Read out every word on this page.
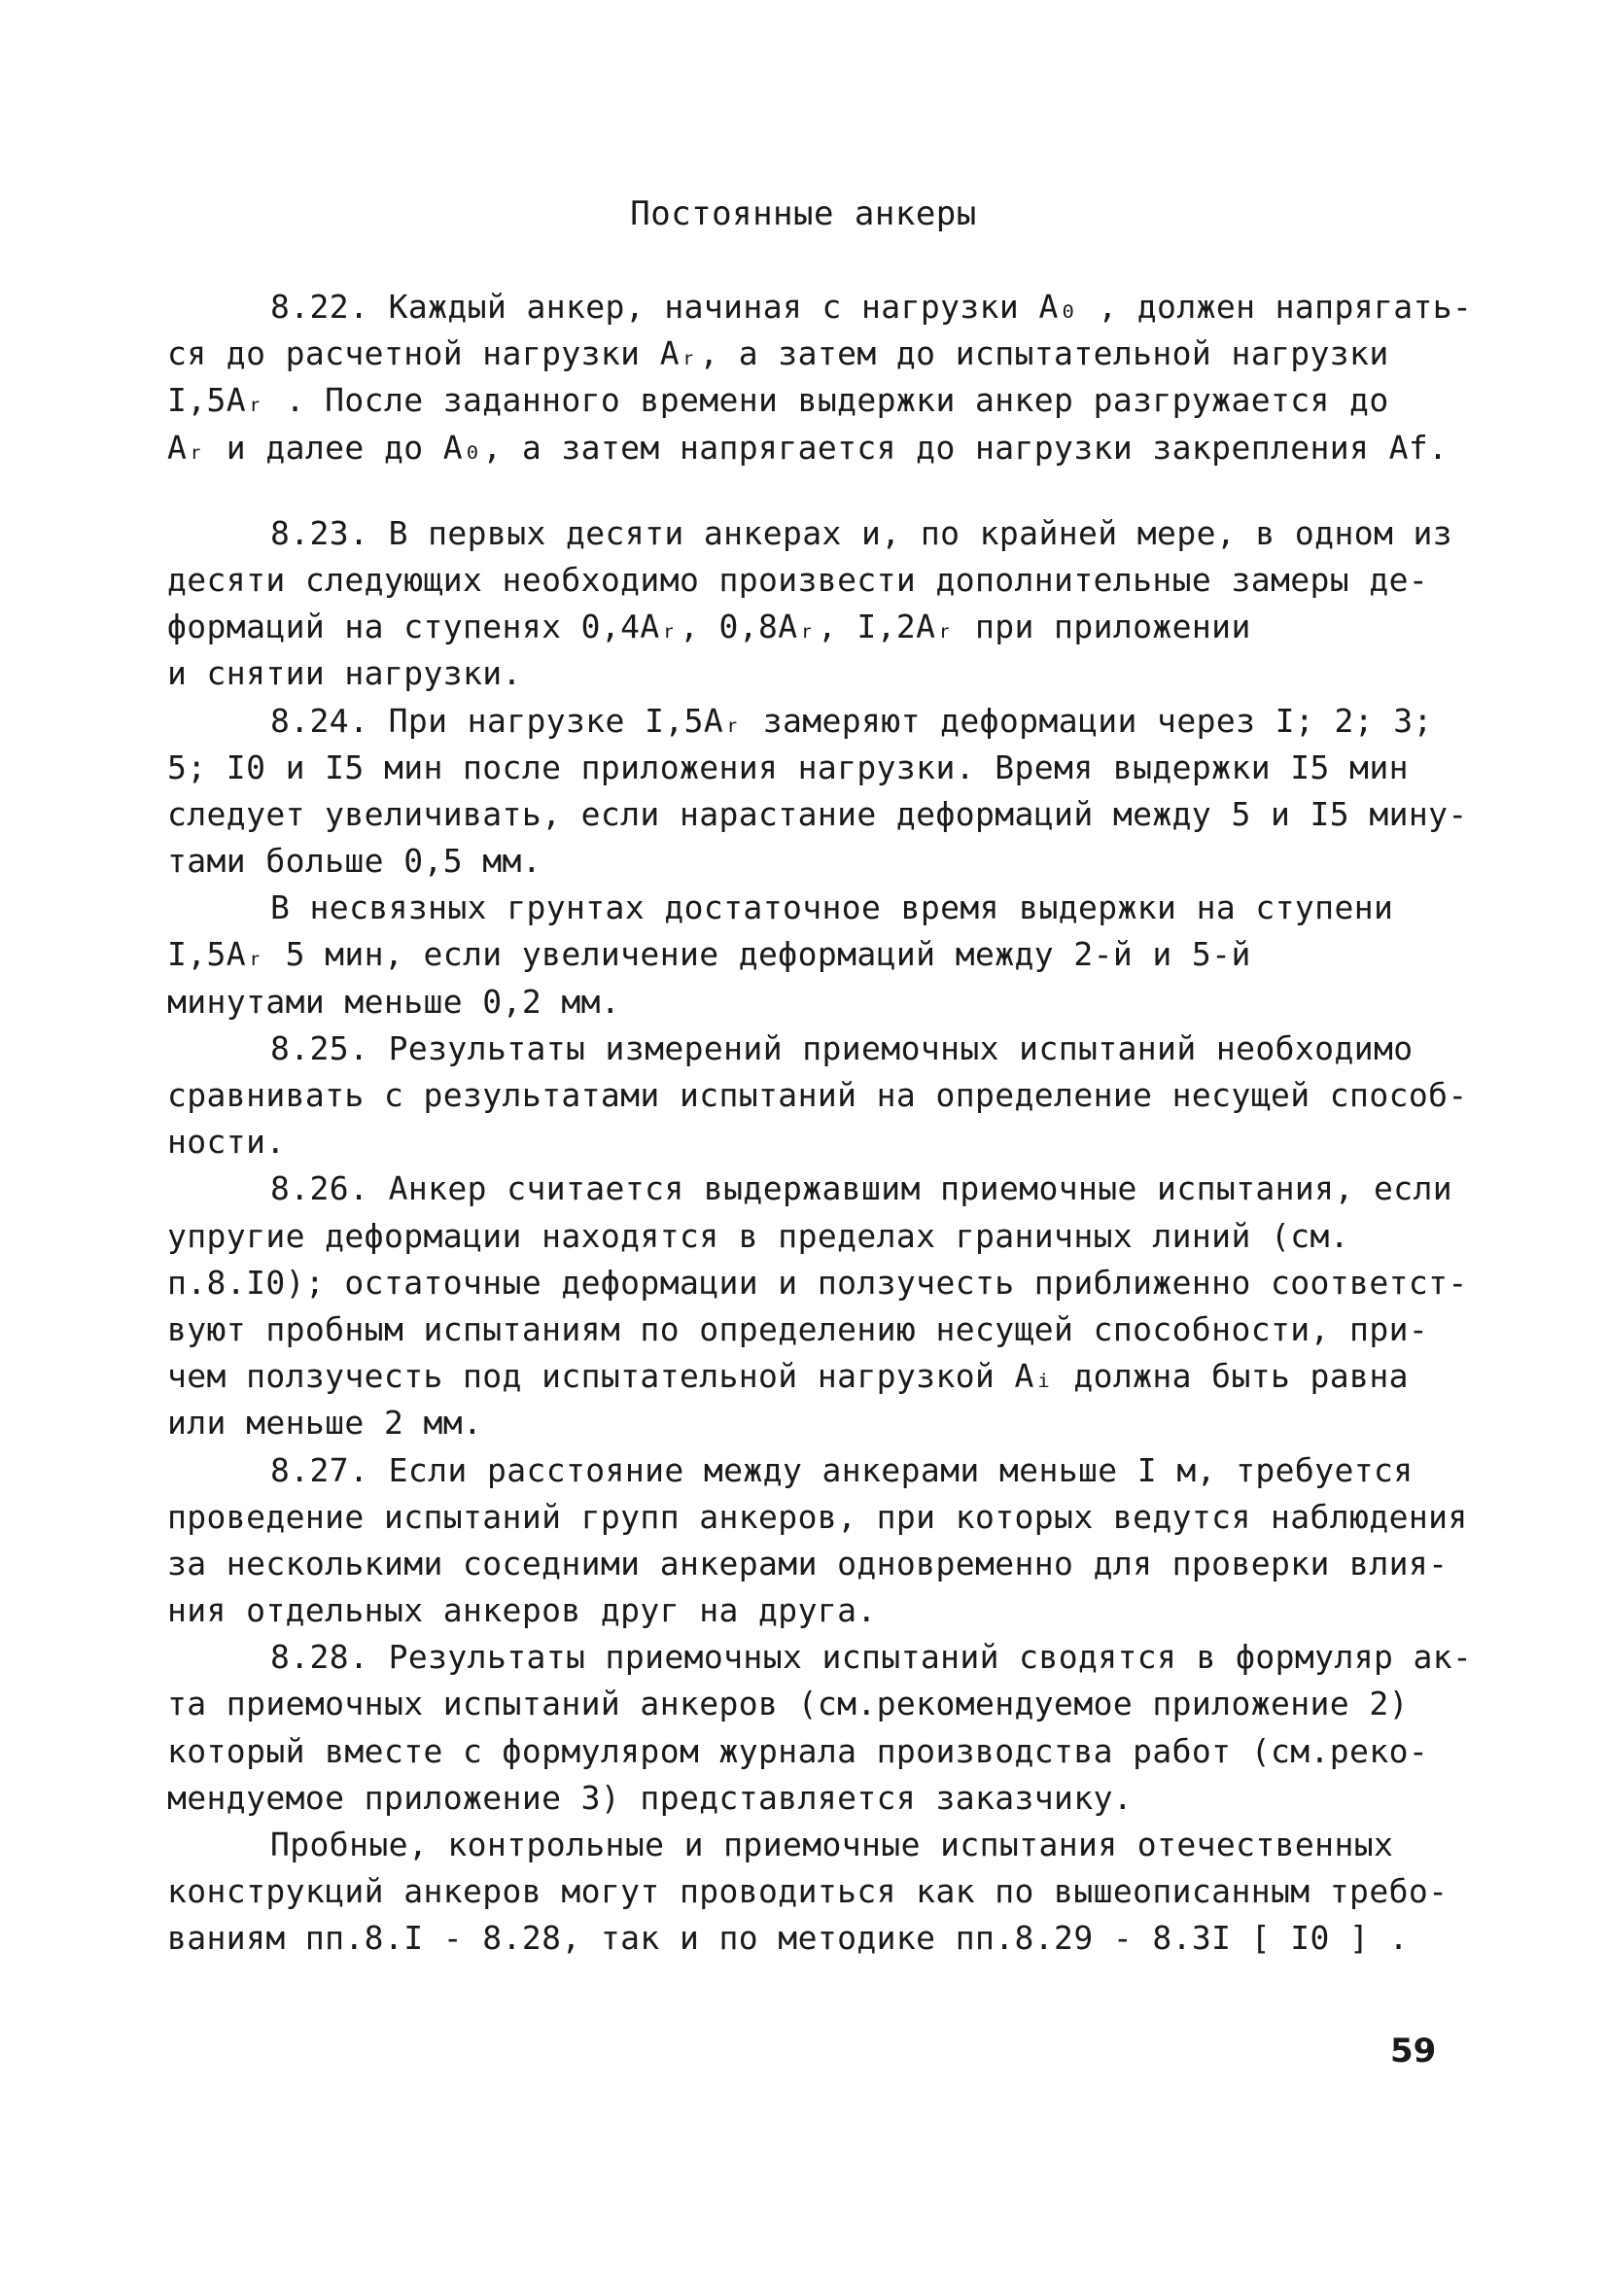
Постоянные анкеры
8.22. Каждый анкер, начиная с нагрузки A₀ , должен напрягать-
ся до расчетной нагрузки Aᵣ, а затем до испытательной нагрузки
I,5Aᵣ . После заданного времени выдержки анкер разгружается до
Aᵣ и далее до A₀, а затем напрягается до нагрузки закрепления Af.
8.23. В первых десяти анкерах и, по крайней мере, в одном из
десяти следующих необходимо произвести дополнительные замеры де-
формаций на ступенях 0,4Aᵣ, 0,8Aᵣ, I,2Aᵣ при приложении
и снятии нагрузки.
8.24. При нагрузке I,5Aᵣ замеряют деформации через I; 2; 3;
5; I0 и I5 мин после приложения нагрузки. Время выдержки I5 мин
следует увеличивать, если нарастание деформаций между 5 и I5 мину-
тами больше 0,5 мм.
В несвязных грунтах достаточное время выдержки на ступени
I,5Aᵣ 5 мин, если увеличение деформаций между 2-й и 5-й
минутами меньше 0,2 мм.
8.25. Результаты измерений приемочных испытаний необходимо
сравнивать с результатами испытаний на определение несущей способ-
ности.
8.26. Анкер считается выдержавшим приемочные испытания, если
упругие деформации находятся в пределах граничных линий (см.
п.8.I0); остаточные деформации и ползучесть приближенно соответст-
вуют пробным испытаниям по определению несущей способности, при-
чем ползучесть под испытательной нагрузкой Aᵢ должна быть равна
или меньше 2 мм.
8.27. Если расстояние между анкерами меньше I м, требуется
проведение испытаний групп анкеров, при которых ведутся наблюдения
за несколькими соседними анкерами одновременно для проверки влия-
ния отдельных анкеров друг на друга.
8.28. Результаты приемочных испытаний сводятся в формуляр ак-
та приемочных испытаний анкеров (см.рекомендуемое приложение 2)
который вместе с формуляром журнала производства работ (см.реко-
мендуемое приложение 3) представляется заказчику.
Пробные, контрольные и приемочные испытания отечественных
конструкций анкеров могут проводиться как по вышеописанным требо-
ваниям пп.8.I - 8.28, так и по методике пп.8.29 - 8.3I [ I0 ] .
59
